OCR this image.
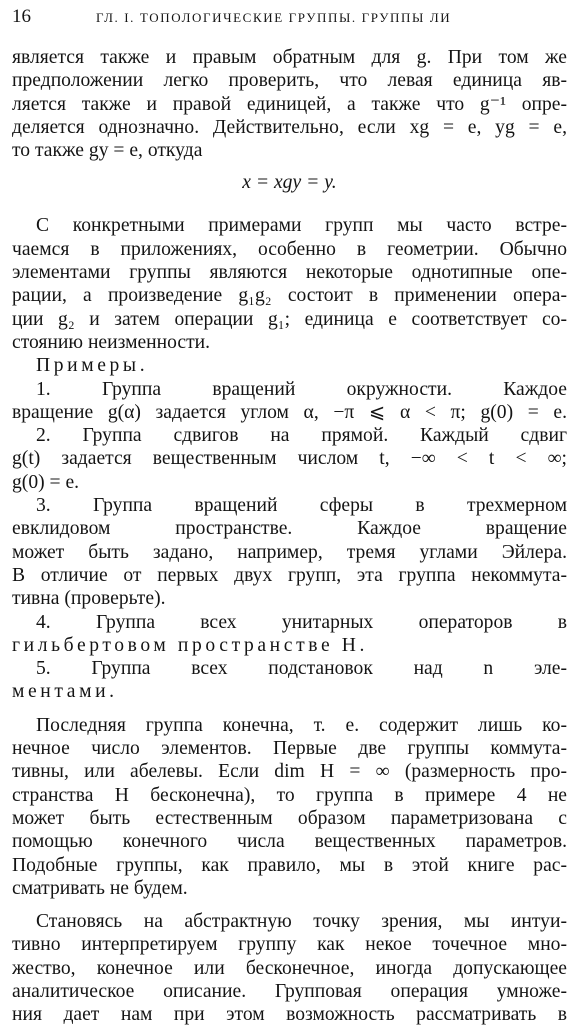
16	ГЛ. I. ТОПОЛОГИЧЕСКИЕ ГРУППЫ. ГРУППЫ ЛИ
является также и правым обратным для g. При том же
предположении легко проверить, что левая единица яв-
ляется также и правой единицей, а также что g⁻¹ опре-
деляется однозначно. Действительно, если xg = e, yg = e,
то также gy = e, откуда
x = xgy = y.
С конкретными примерами групп мы часто встре-
чаемся в приложениях, особенно в геометрии. Обычно
элементами группы являются некоторые однотипные опе-
рации, а произведение g₁g₂ состоит в применении опера-
ции g₂ и затем операции g₁; единица e соответствует со-
стоянию неизменности.
Примеры.
1. Группа вращений окружности. Каждое
вращение g(α) задается углом α, −π ⩽ α < π; g(0) = e.
2. Группа сдвигов на прямой. Каждый сдвиг
g(t) задается вещественным числом t, −∞ < t < ∞;
g(0) = e.
3. Группа вращений сферы в трехмерном
евклидовом пространстве. Каждое вращение
может быть задано, например, тремя углами Эйлера.
В отличие от первых двух групп, эта группа некоммута-
тивна (проверьте).
4. Группа всех унитарных операторов в
гильбертовом пространстве H.
5. Группа всех подстановок над n эле-
ментами.
Последняя группа конечна, т. е. содержит лишь ко-
нечное число элементов. Первые две группы коммута-
тивны, или абелевы. Если dim H = ∞ (размерность про-
странства H бесконечна), то группа в примере 4 не
может быть естественным образом параметризована с
помощью конечного числа вещественных параметров.
Подобные группы, как правило, мы в этой книге рас-
сматривать не будем.
Становясь на абстрактную точку зрения, мы интуи-
тивно интерпретируем группу как некое точечное мно-
жество, конечное или бесконечное, иногда допускающее
аналитическое описание. Групповая операция умноже-
ния дает нам при этом возможность рассматривать в
